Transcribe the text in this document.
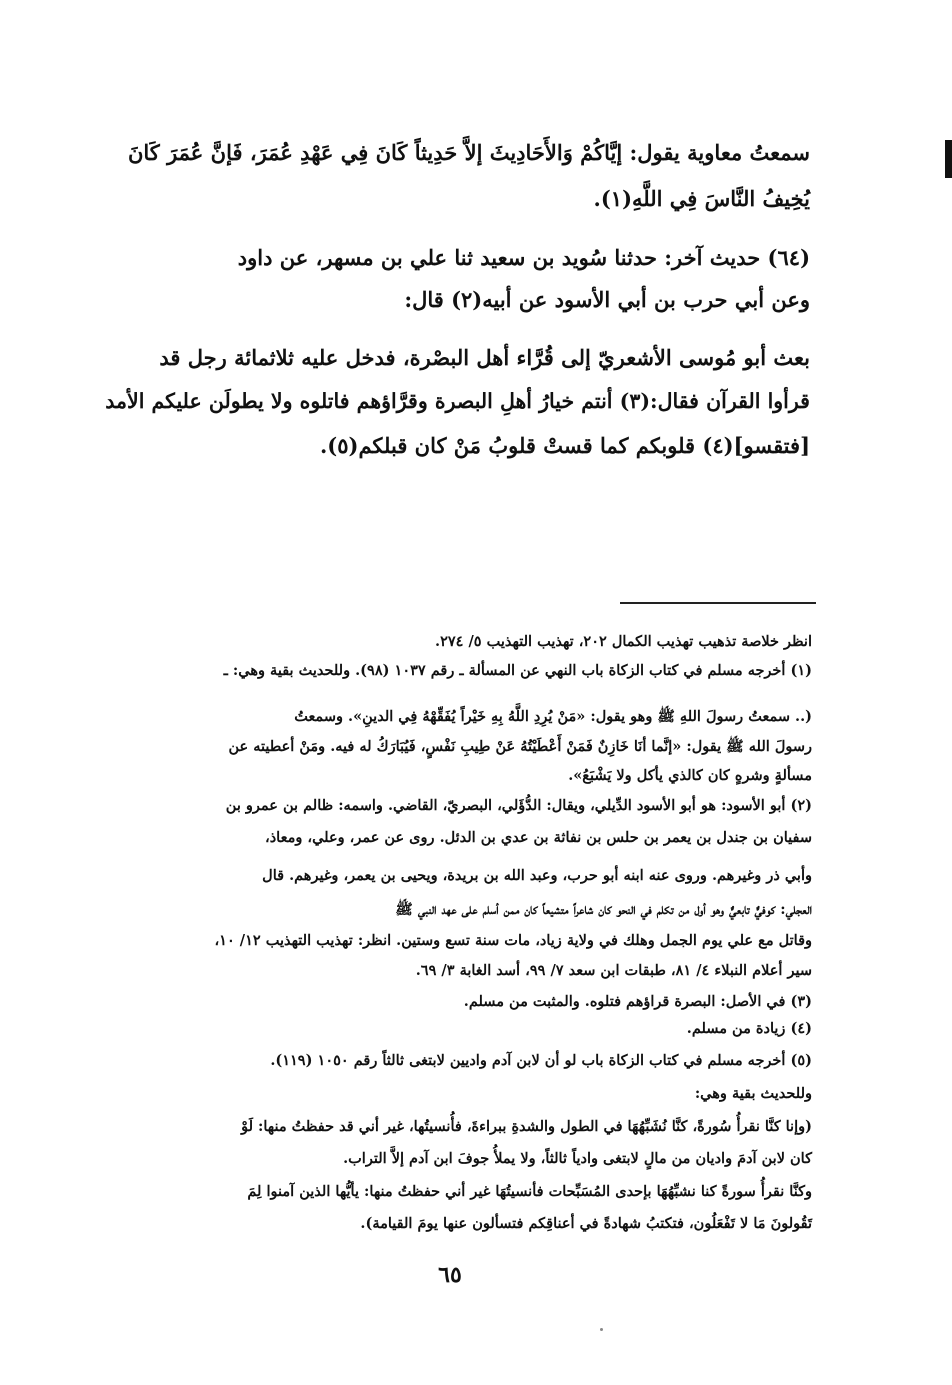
سمعتُ معاوية يقول: إيَّاكُمْ وَالأَحَادِيثَ إلاَّ حَدِيثاً كَانَ فِي عَهْدِ عُمَرَ، فَإنَّ عُمَرَ كَانَ
يُخِيفُ النَّاسَ فِي اللَّهِ(١).
(٦٤) حديث آخر: حدثنا سُويد بن سعيد ثنا علي بن مسهر، عن داود
وعن أبي حرب بن أبي الأسود عن أبيه(٢) قال:
بعث أبو مُوسى الأشعريّ إلى قُرَّاء أهل البصْرة، فدخل عليه ثلاثمائة رجل قد
قرأوا القرآن فقال:(٣) أنتم خيارُ أهلِ البصرة وقرَّاؤهم فاتلوه ولا يطولَن عليكم الأمد
[فتقسو](٤) قلوبكم كما قستْ قلوبُ مَنْ كان قبلكم(٥).
انظر خلاصة تذهيب تهذيب الكمال ٢٠٢، تهذيب التهذيب ٥/ ٢٧٤.
(١) أخرجه مسلم في كتاب الزكاة باب النهي عن المسألة ـ رقم ١٠٣٧ (٩٨). وللحديث بقية وهي: ـ
(.. سمعتُ رسولَ اللهِ ﷺ وهو يقول: «مَنْ يُرِدِ اللَّهُ بِهِ خَيْراً يُفَقِّهْهُ فِي الدينِ». وسمعتُ
رسولَ الله ﷺ يقول: «إنَّما أنَا خَازِنٌ فَمَنْ أَعْطَيْتُهُ عَنْ طِيبِ نَفْسٍ، فَيُبَارَكُ له فيه. ومَنْ أعطيته عن
مسألةٍ وشرهٍ كان كالذي يأكل ولا يَشْبَعُ».
(٢) أبو الأسود: هو أبو الأسود الدِّيلي، ويقال: الدُّؤَلي، البصريّ، القاضي. واسمه: ظالم بن عمرو بن
سفيان بن جندل بن يعمر بن حلس بن نفاثة بن عدي بن الدئل. روى عن عمر، وعلي، ومعاذ،
وأبي ذر وغيرهم. وروى عنه ابنه أبو حرب، وعبد الله بن بريدة، ويحيى بن يعمر، وغيرهم. قال
العجلي: كوفيٌّ تابعيٌّ وهو أول من تكلم في النحو كان شاعراً متشيعاً كان ممن أسلم على عهد النبي ﷺ
وقاتل مع علي يوم الجمل وهلك في ولاية زياد، مات سنة تسع وستين. انظر: تهذيب التهذيب ١٢/ ١٠،
سير أعلام النبلاء ٤/ ٨١، طبقات ابن سعد ٧/ ٩٩، أسد الغابة ٣/ ٦٩.
(٣) في الأصل: البصرة قراؤهم فتلوه. والمثبت من مسلم.
(٤) زيادة من مسلم.
(٥) أخرجه مسلم في كتاب الزكاة باب لو أن لابن آدم واديين لابتغى ثالثاً رقم ١٠٥٠ (١١٩).
وللحديث بقية وهي:
(وإنا كنَّا نقرأُ سُورةً، كنَّا نُشَبِّهُهَا في الطول والشدةِ ببراءةَ، فأُنسيتُها، غير أني قد حفظتُ منها: لَوْ
كان لابن آدمَ واديان من مالٍ لابتغى وادياً ثالثاً، ولا يملأُ جوفَ ابن آدم إلاَّ التراب.
وكنَّا نقرأُ سورةً كنا نشبِّهُهَا بإحدى المُسَبِّحات فأنسيتُهَا غير أني حفظتُ منها: يأيُّها الذين آمنوا لِمَ
تَقُولونَ مَا لا تَفْعَلُون، فتكتبُ شهادةً في أعناقِكم فتسألون عنها يومَ القيامة).
٦٥
